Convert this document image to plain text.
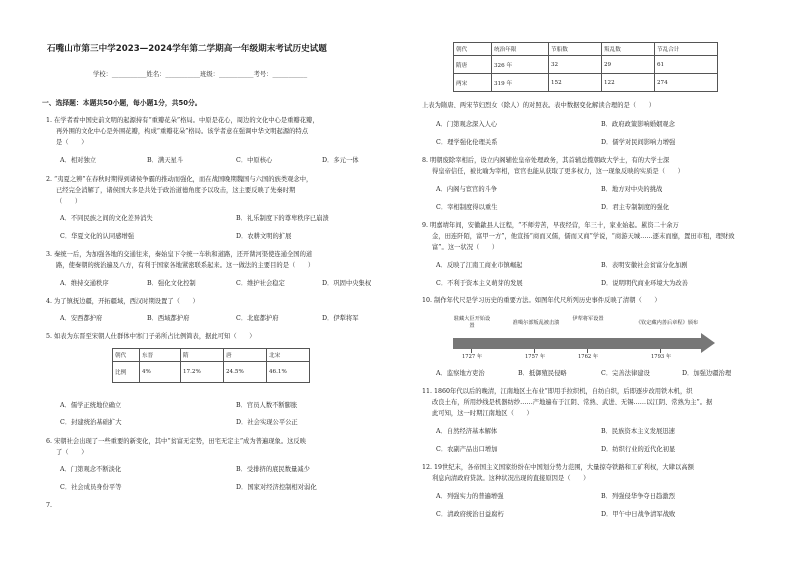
石嘴山市第三中学2023—2024学年第二学期高一年级期末考试历史试题
学校：___________姓名：___________班级：___________考号：___________
一、选择题：本题共50小题，每小题1分，共50分。
1. 在学者看中国史前文明的起源持有“重瓣花朵”格局。中原是花心，周边的文化中心是重瓣花瓣，
再外围的文化中心是外围花瓣，构成“重瓣花朵”格局。该学者意在强调中华文明起源的特点
是（　　）
A．相对独立	B．满天星斗	C．中原核心	D．多元一体
2. “夷夏之辨”在春秋时期得到诸侯争霸的推动而强化，而在战国晚期魏国与六国的族类观念中，
已经完全消解了，诸侯国大多是共处于政治道德角度予以攻击，这主要反映了先秦时期
（　　）
A．不同民族之间的文化差异消失	B．礼乐制度下的尊卑秩序已崩溃
C．华夏文化的认同感增强	D．农耕文明的扩展
3. 秦统一后，为加强各地的交通往来，秦始皇下令统一车轨和道路，还开凿河渠使连通全国的道
路，使秦朝的统治遍及八方，有利于国家各地紧密联系起来。这一做法的主要目的是（　　）
A．维持交通秩序	B．强化文化控制	C．维护社会稳定	D．巩固中央集权
4. 为了镇抚边疆，开拓疆域，西汉时期设置了（　　）
A．安西都护府	B．西域都护府	C．北庭都护府	D．伊犁将军
5. 如表为东晋至宋朝人仕群体中寒门子弟所占比例简表，据此可知（　　）
朝代	东晋	隋	唐	北宋
比例	4%	17.2%	24.5%	46.1%
A．儒学正统地位确立	B．官员人数不断膨胀
C．封建统治基础扩大	D．社会实现公平公正
6. 宋朝社会出现了一些重要的新变化，其中“贫富无定势，田宅无定主”成为普遍现象。这反映
了（　　）
A．门第观念不断淡化	B．受排挤的底民数量减少
C．社会成员身份平等	D．国家对经济控制相对弱化
7.
朝代	统治年限	节船数	叛乱数	节乱合计
隋唐	326 年	32	29	61
两宋	319 年	152	122	274
上表为隋唐、两宋节妇烈女（除人）的对照表。表中数据变化解读合理的是（　　）
A．门第观念深入人心	B．政府政策影响婚姻观念
C．理学强化伦理关系	D．儒学对民间影响力增强
8. 明朝废除宰相后，设立内阁辅佐皇帝处理政务，其首辅总揽朝政大学士，有的大学士深
得皇帝信任，被比喻为宰相，宦官也能从获取了更多权力，这一现象反映的实质是（　　）
A．内阁与宦官的斗争	B．地方对中央的挑战
C．宰相制度得以重生	D．君主专制制度的强化
9. 明嘉靖年间，安徽歙县人汪程，“不师劳苦，早夜经营，年三十，家业始起。累资二十余万
金，田连阡陌，富甲一方”，他宣扬“商而又儒，儒而又商”学说，“商游天城……逐末而靡，置田市租，理财致
富”。这一状况（　　）
A．反映了江南工商业市镇崛起	B．表明安徽社会贫富分化加剧
C．不利于资本主义萌芽的发展	D．说明明代商业环境大为改善
10. 制作年代尺是学习历史的重要方法。如图年代尺所列历史事件反映了清朝（　　）
駐藏大臣开始设置	准噶尔部叛乱被击溃
伊犁将军设置
《钦定藏内善后章程》颁布
1727 年	1757 年	1762 年	1793 年
A．监察地方吏治	B．抵御殖民侵略	C．完善法律建设	D．加强边疆治理
11. 1860年代以后的晚清，江南地区土布业“即用手拉织机，自纺自织，后即逐步改用铁木机，织
改良土布，所用纱线是机器纺纱……产地遍布于江阴、常熟、武进、无锡……以江阴、常熟为主”。据
此可知，这一时期江南地区（　　）
A．自然经济基本解体	B．民族资本主义发展迅速
C．农副产品出口增加	D．纺织行业的近代化初显
12. 19世纪末，各帝国主义国家纷纷在中国划分势力范围，大量掠夺铁路和工矿利权，大肆以高额
利息向清政府贷款。这种状况出现的直接原因是（　　）
A．列强实力的普遍增强	B．列强侵华争夺日趋激烈
C．清政府统治日益腐朽	D．甲午中日战争清军战败
